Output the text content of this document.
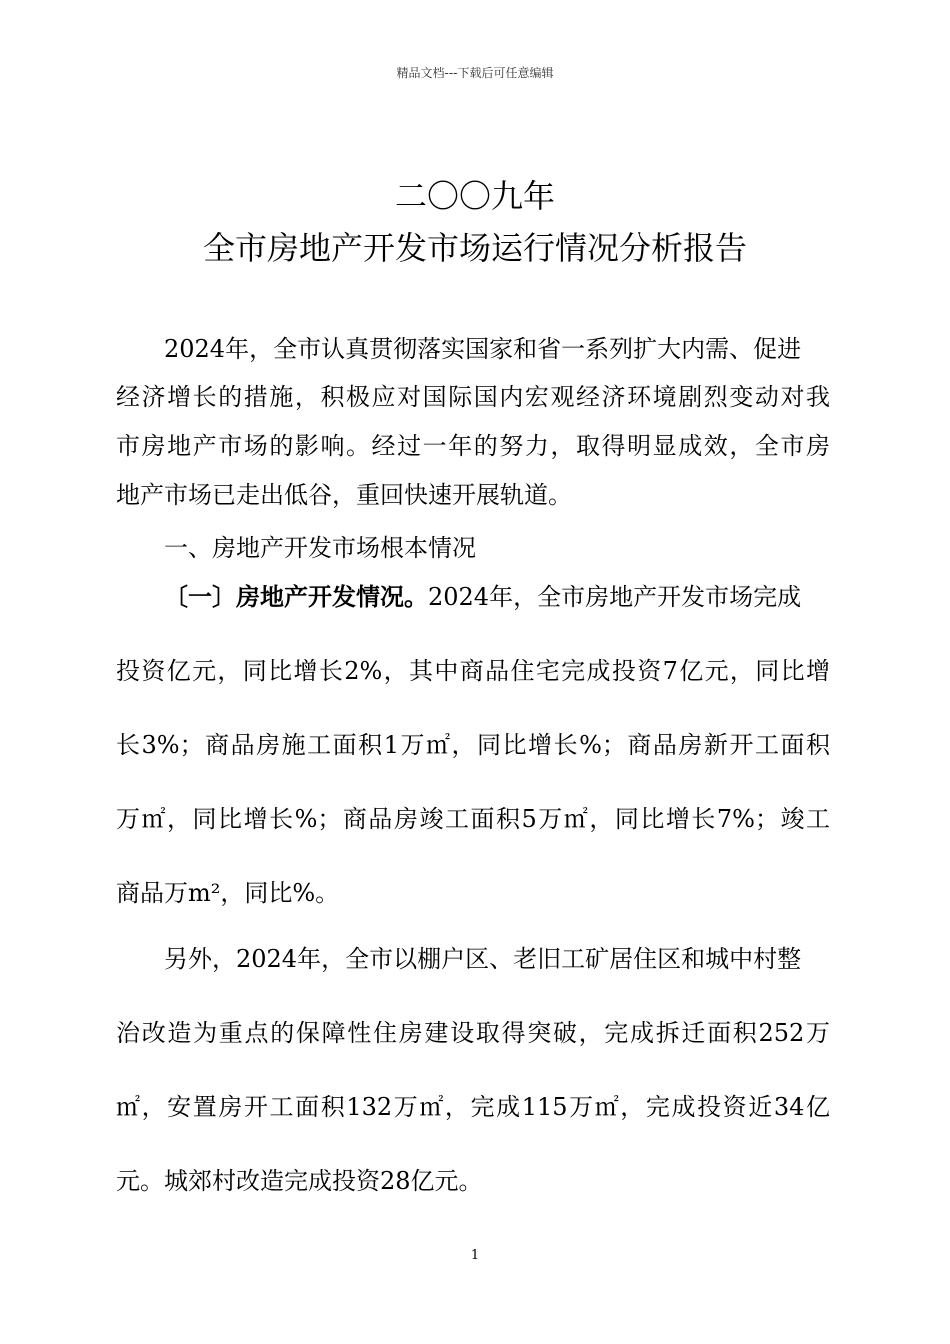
精品文档---下载后可任意编辑
二〇〇九年
全市房地产开发市场运行情况分析报告
2024年，全市认真贯彻落实国家和省一系列扩大内需、促进
经济增长的措施，积极应对国际国内宏观经济环境剧烈变动对我
市房地产市场的影响。经过一年的努力，取得明显成效，全市房
地产市场已走出低谷，重回快速开展轨道。
一、房地产开发市场根本情况
〔一〕房地产开发情况。2024年，全市房地产开发市场完成
投资亿元，同比增长2%，其中商品住宅完成投资7亿元，同比增
长3%；商品房施工面积1万㎡，同比增长%；商品房新开工面积
万㎡，同比增长%；商品房竣工面积5万㎡，同比增长7%；竣工
商品万m²，同比%。
另外，2024年，全市以棚户区、老旧工矿居住区和城中村整
治改造为重点的保障性住房建设取得突破，完成拆迁面积252万
㎡，安置房开工面积132万㎡，完成115万㎡，完成投资近34亿
元。城郊村改造完成投资28亿元。
1
